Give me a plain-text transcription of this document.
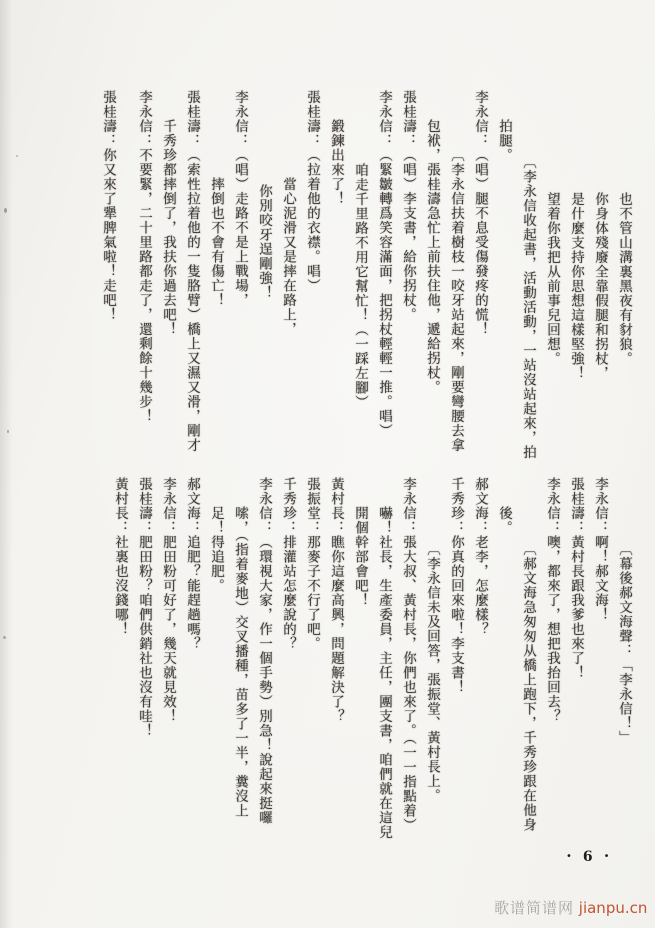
也不管山溝裏黑夜有豺狼。

你身体殘廢全靠假腿和拐杖，

是什麼支持你思想這樣堅強！

望着你我把从前事兒回想。

〔李永信收起書，活動活動，一站沒站起來，拍

拍腿。

李永信：（唱）腿不息受傷發疼的慌！

〔李永信扶着樹枝一咬牙站起來，剛要彎腰去拿

包袱，張桂濤急忙上前扶住他，遞給拐杖。

張桂濤：（唱）李支書，給你拐杖。

李永信：（緊皺轉爲笑容滿面，把拐杖輕輕一推。唱）

咱走千里路不用它幫忙！（一踩左腳）

鍛鍊出來了！

張桂濤：（拉着他的衣襟。唱）

當心泥滑又是摔在路上，

你別咬牙逞剛強！

李永信：（唱）走路不是上戰場，

摔倒也不會有傷亡！

張桂濤：（索性拉着他的一隻胳臂）橋上又濕又滑，剛才

千秀珍都摔倒了，我扶你過去吧！

李永信：不要緊，二十里路都走了，還剩餘十幾步！

張桂濤：你又來了犟脾氣啦！走吧！

〔幕後郝文海聲：「李永信！」

李永信：啊！郝文海！

張桂濤：黃村長跟我爹也來了！

李永信：噢，都來了，想把我抬回去？

〔郝文海急匆匆从橋上跑下，千秀珍跟在他身

後。

郝文海：老李，怎麼樣？

千秀珍：你真的回來啦！李支書！

〔李永信未及回答，張振堂、黃村長上。

李永信：張大叔、黃村長，你們也來了。（一一指點着）

嚇！社長，生產委員，主任，團支書，咱們就在這兒

開個幹部會吧！

黃村長：瞧你這麼高興，問題解決了？

張振堂：那麥子不行了吧。

千秀珍：排灌站怎麼說的？

李永信：（環視大家，作一個手勢）別急！說起來挺囉

嗦，（指着麥地）交叉播種，苗多了一半，糞沒上

足！得追肥。

郝文海：追肥？能趕趟嗎？

李永信：肥田粉可好了，幾天就見效！

張桂濤：肥田粉？咱們供銷社也沒有哇！

黃村長：社裏也沒錢哪！

• 6 •
歌谱简谱网 jianpu.cn
